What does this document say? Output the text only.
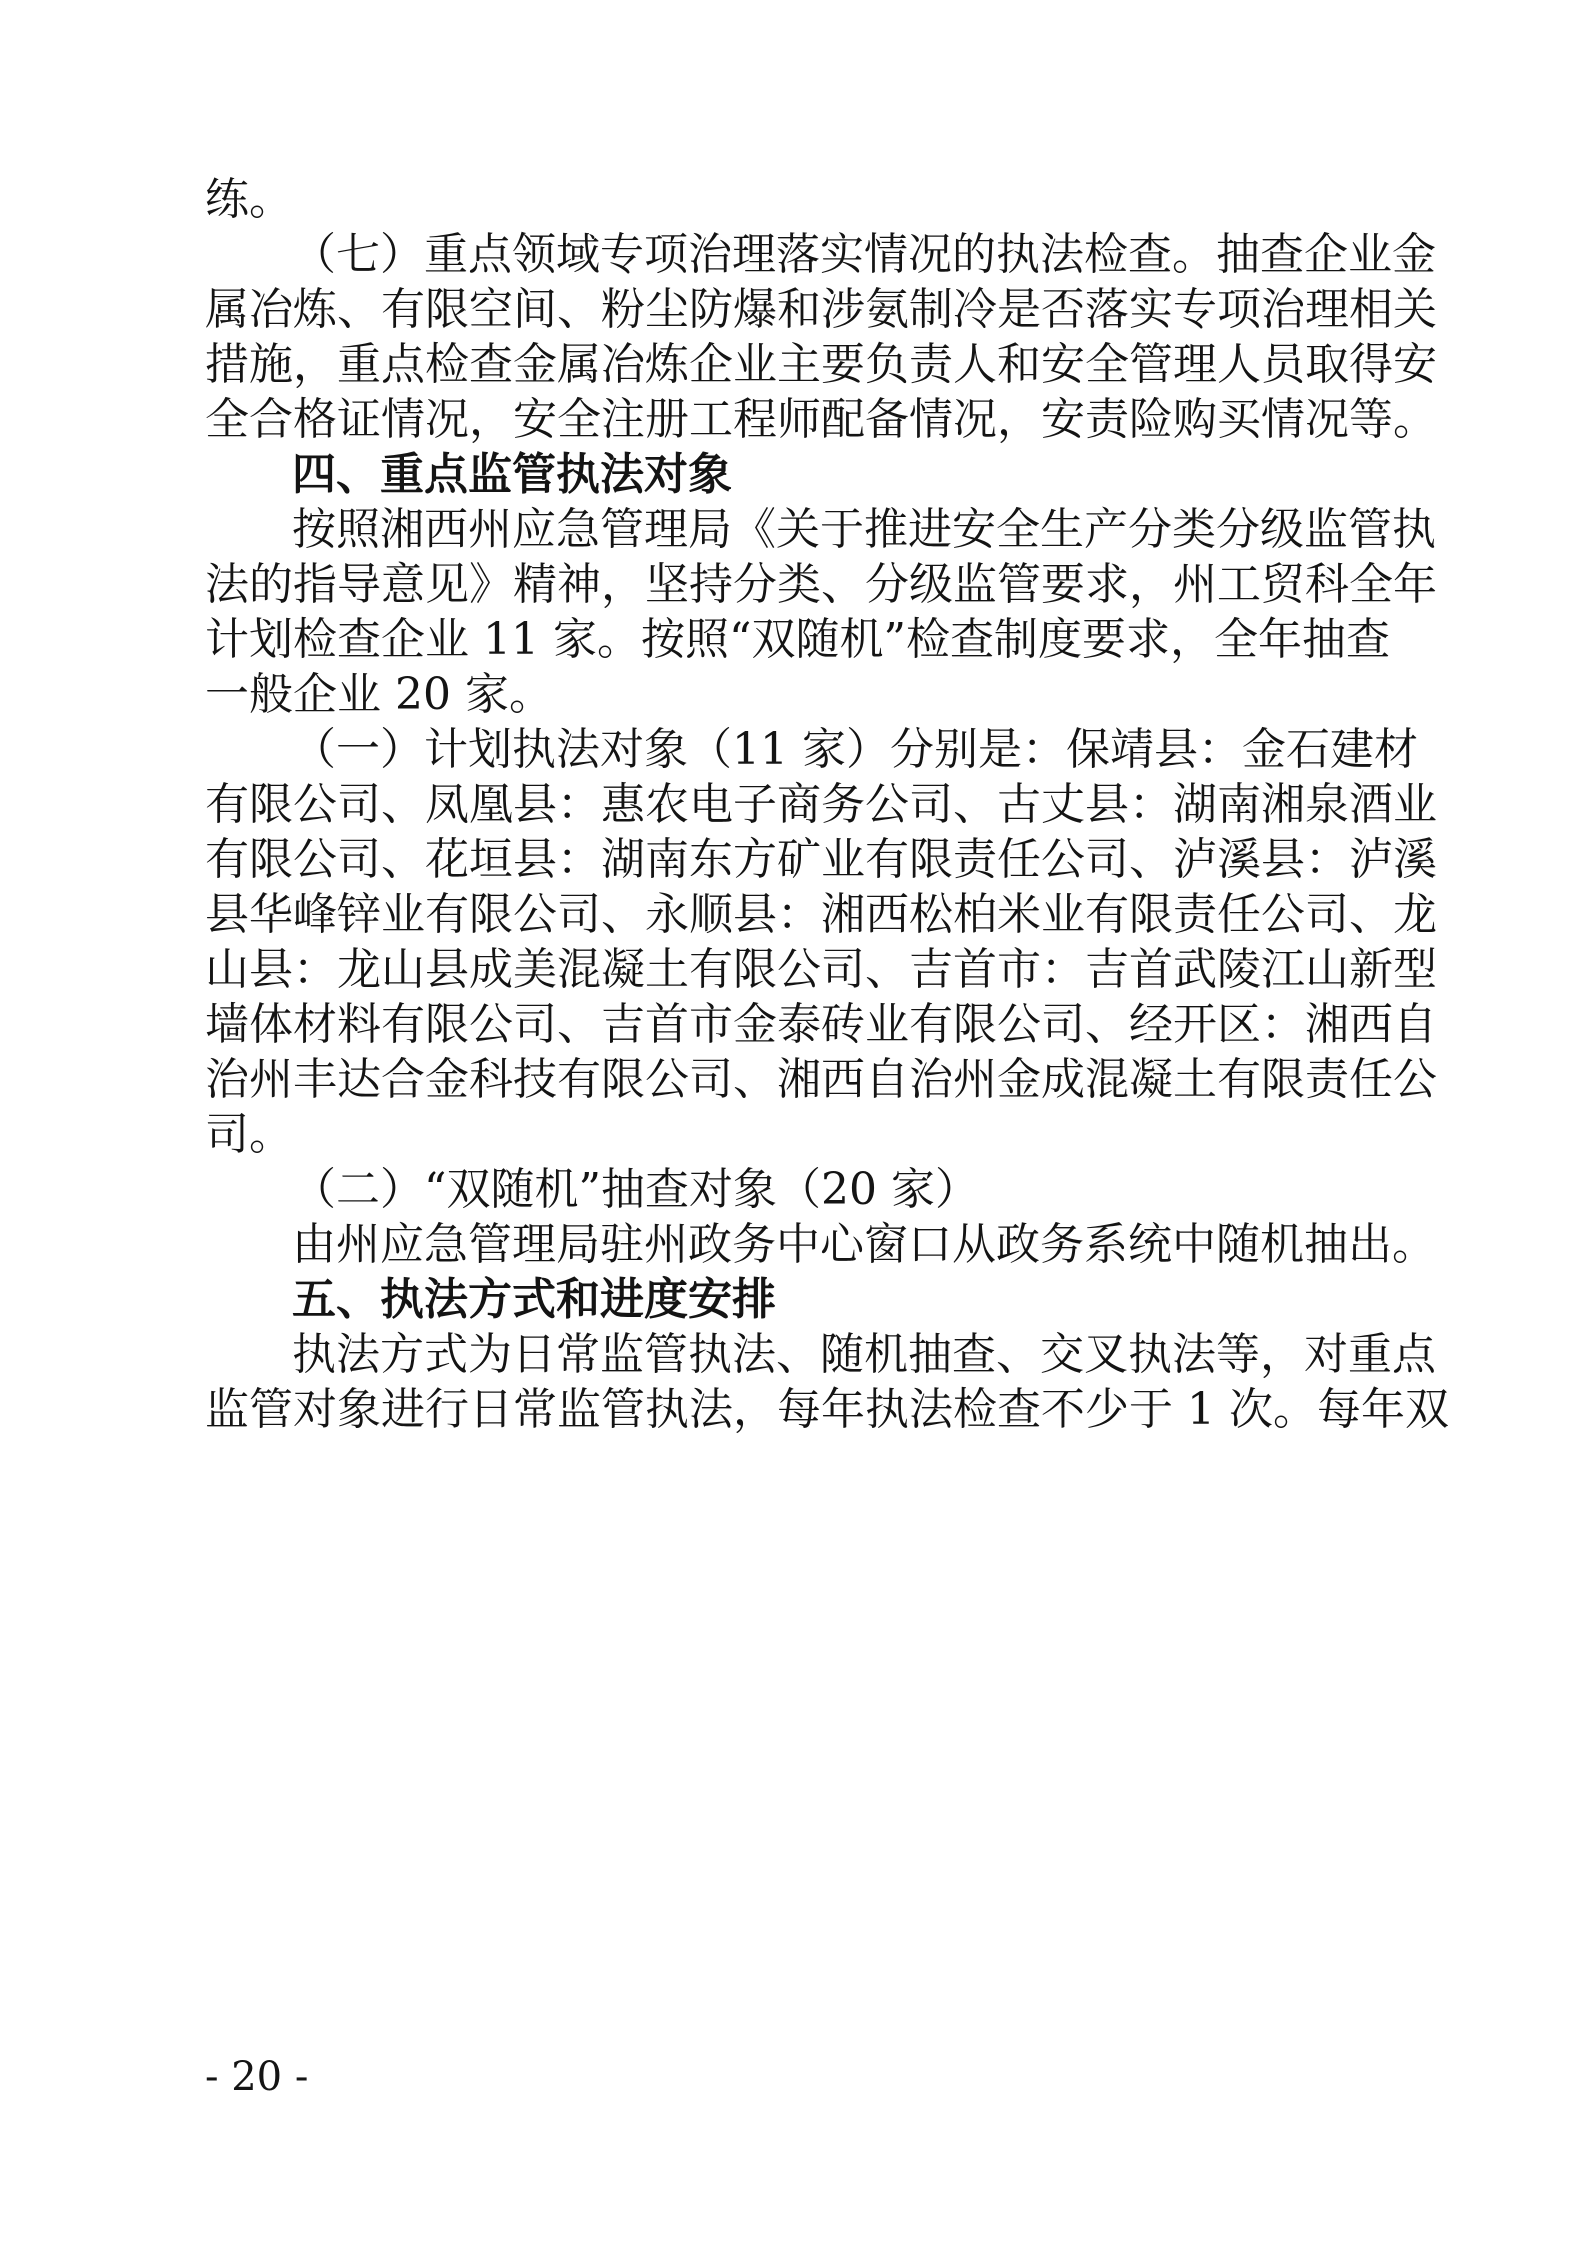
练。
（七）重点领域专项治理落实情况的执法检查。抽查企业金
属冶炼、有限空间、粉尘防爆和涉氨制冷是否落实专项治理相关
措施，重点检查金属冶炼企业主要负责人和安全管理人员取得安
全合格证情况，安全注册工程师配备情况，安责险购买情况等。
四、重点监管执法对象
按照湘西州应急管理局《关于推进安全生产分类分级监管执
法的指导意见》精神，坚持分类、分级监管要求，州工贸科全年
计划检查企业 11 家。按照“双随机”检查制度要求，全年抽查
一般企业 20 家。
（一）计划执法对象（11 家）分别是：保靖县：金石建材
有限公司、凤凰县：惠农电子商务公司、古丈县：湖南湘泉酒业
有限公司、花垣县：湖南东方矿业有限责任公司、泸溪县：泸溪
县华峰锌业有限公司、永顺县：湘西松柏米业有限责任公司、龙
山县：龙山县成美混凝土有限公司、吉首市：吉首武陵江山新型
墙体材料有限公司、吉首市金泰砖业有限公司、经开区：湘西自
治州丰达合金科技有限公司、湘西自治州金成混凝土有限责任公
司。
（二）“双随机”抽查对象（20 家）
由州应急管理局驻州政务中心窗口从政务系统中随机抽出。
五、执法方式和进度安排
执法方式为日常监管执法、随机抽查、交叉执法等，对重点
监管对象进行日常监管执法，每年执法检查不少于 1 次。每年双
- 20 -
